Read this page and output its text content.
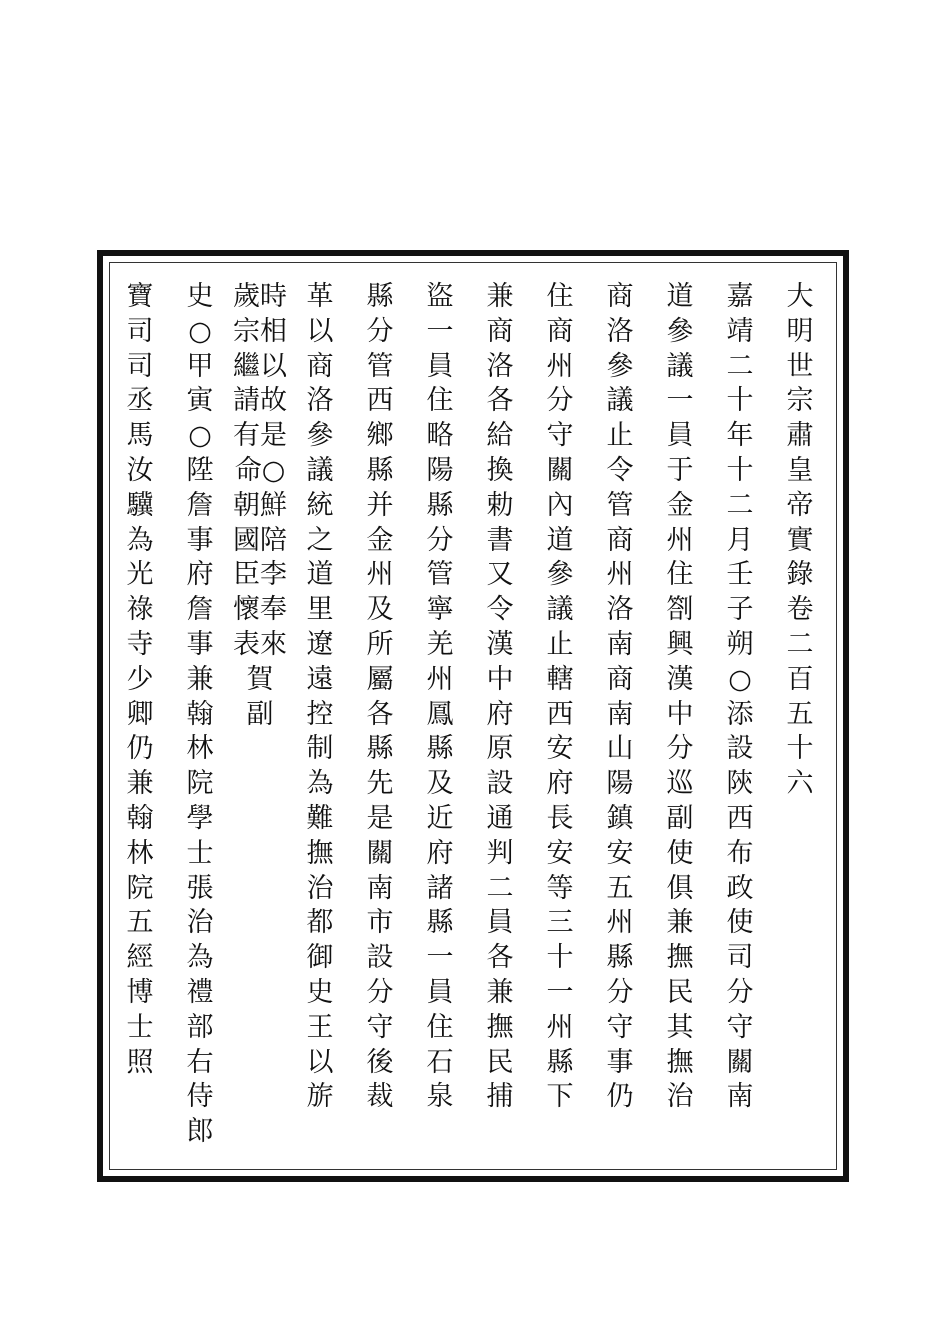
大明世宗肅皇帝實錄卷二百五十六
嘉靖二十年十二月壬子朔○添設陝西布政使司分守關南
道參議一員于金州住劄興漢中分巡副使俱兼撫民其撫治
商洛參議止令管商州洛南商南山陽鎮安五州縣分守事仍
住商州分守關內道參議止轄西安府長安等三十一州縣下
兼商洛各給換勅書又令漢中府原設通判二員各兼撫民捕
盜一員住略陽縣分管寧羌州鳳縣及近府諸縣一員住石泉
縣分管西鄉縣并金州及所屬各縣先是關南市設分守後裁
革以商洛參議統之道里遼遠控制為難撫治都御史王以旂
歲時宗相繼以請故有是命○朝鮮國陪臣李懷奉表來賀　副
史○甲寅○陞詹事府詹事兼翰林院學士張治為禮部右侍郎
寶司司丞馬汝驥為光祿寺少卿仍兼翰林院五經博士照
